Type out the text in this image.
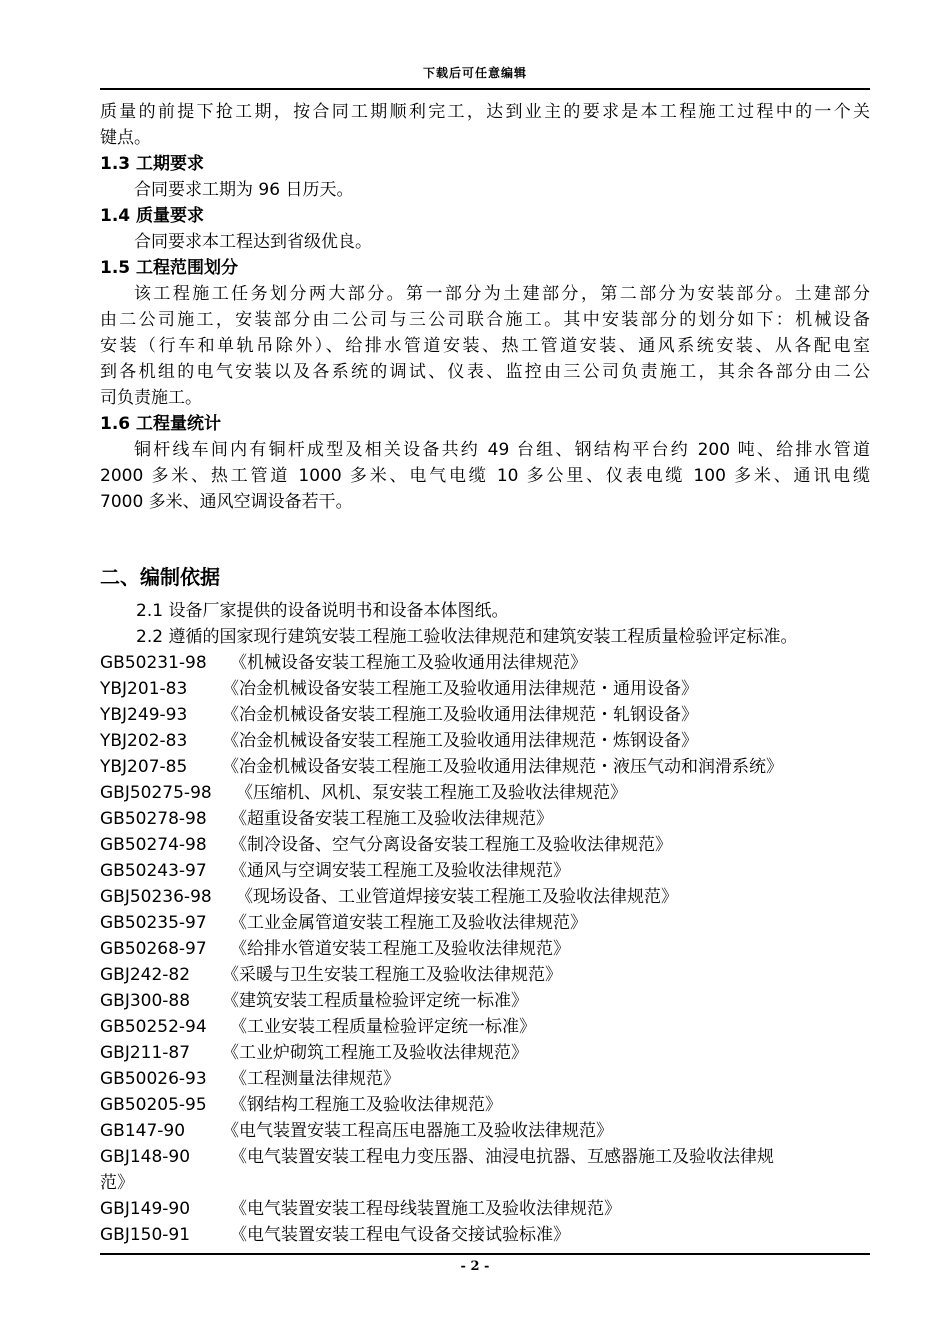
下载后可任意编辑
质量的前提下抢工期，按合同工期顺利完工，达到业主的要求是本工程施工过程中的一个关
键点。
1.3 工期要求
合同要求工期为 96 日历天。
1.4 质量要求
合同要求本工程达到省级优良。
1.5 工程范围划分
该工程施工任务划分两大部分。第一部分为土建部分，第二部分为安装部分。土建部分
由二公司施工，安装部分由二公司与三公司联合施工。其中安装部分的划分如下：机械设备
安装（行车和单轨吊除外）、给排水管道安装、热工管道安装、通风系统安装、从各配电室
到各机组的电气安装以及各系统的调试、仪表、监控由三公司负责施工，其余各部分由二公
司负责施工。
1.6 工程量统计
铜杆线车间内有铜杆成型及相关设备共约 49 台组、钢结构平台约 200 吨、给排水管道
2000 多米、热工管道 1000 多米、电气电缆 10 多公里、仪表电缆 100 多米、通讯电缆
7000 多米、通风空调设备若干。
二、编制依据
2.1 设备厂家提供的设备说明书和设备本体图纸。
2.2 遵循的国家现行建筑安装工程施工验收法律规范和建筑安装工程质量检验评定标准。
GB50231-98	《机械设备安装工程施工及验收通用法律规范》
YBJ201-83	《冶金机械设备安装工程施工及验收通用法律规范・通用设备》
YBJ249-93	《冶金机械设备安装工程施工及验收通用法律规范・轧钢设备》
YBJ202-83	《冶金机械设备安装工程施工及验收通用法律规范・炼钢设备》
YBJ207-85	《冶金机械设备安装工程施工及验收通用法律规范・液压气动和润滑系统》
GBJ50275-98	《压缩机、风机、泵安装工程施工及验收法律规范》
GB50278-98	《超重设备安装工程施工及验收法律规范》
GB50274-98	《制冷设备、空气分离设备安装工程施工及验收法律规范》
GB50243-97	《通风与空调安装工程施工及验收法律规范》
GBJ50236-98	《现场设备、工业管道焊接安装工程施工及验收法律规范》
GB50235-97	《工业金属管道安装工程施工及验收法律规范》
GB50268-97	《给排水管道安装工程施工及验收法律规范》
GBJ242-82	《采暖与卫生安装工程施工及验收法律规范》
GBJ300-88	《建筑安装工程质量检验评定统一标准》
GB50252-94	《工业安装工程质量检验评定统一标准》
GBJ211-87	《工业炉砌筑工程施工及验收法律规范》
GB50026-93	《工程测量法律规范》
GB50205-95	《钢结构工程施工及验收法律规范》
GB147-90	《电气装置安装工程高压电器施工及验收法律规范》
GBJ148-90	《电气装置安装工程电力变压器、油浸电抗器、互感器施工及验收法律规
范》
GBJ149-90	《电气装置安装工程母线装置施工及验收法律规范》
GBJ150-91	《电气装置安装工程电气设备交接试验标准》
- 2 -
